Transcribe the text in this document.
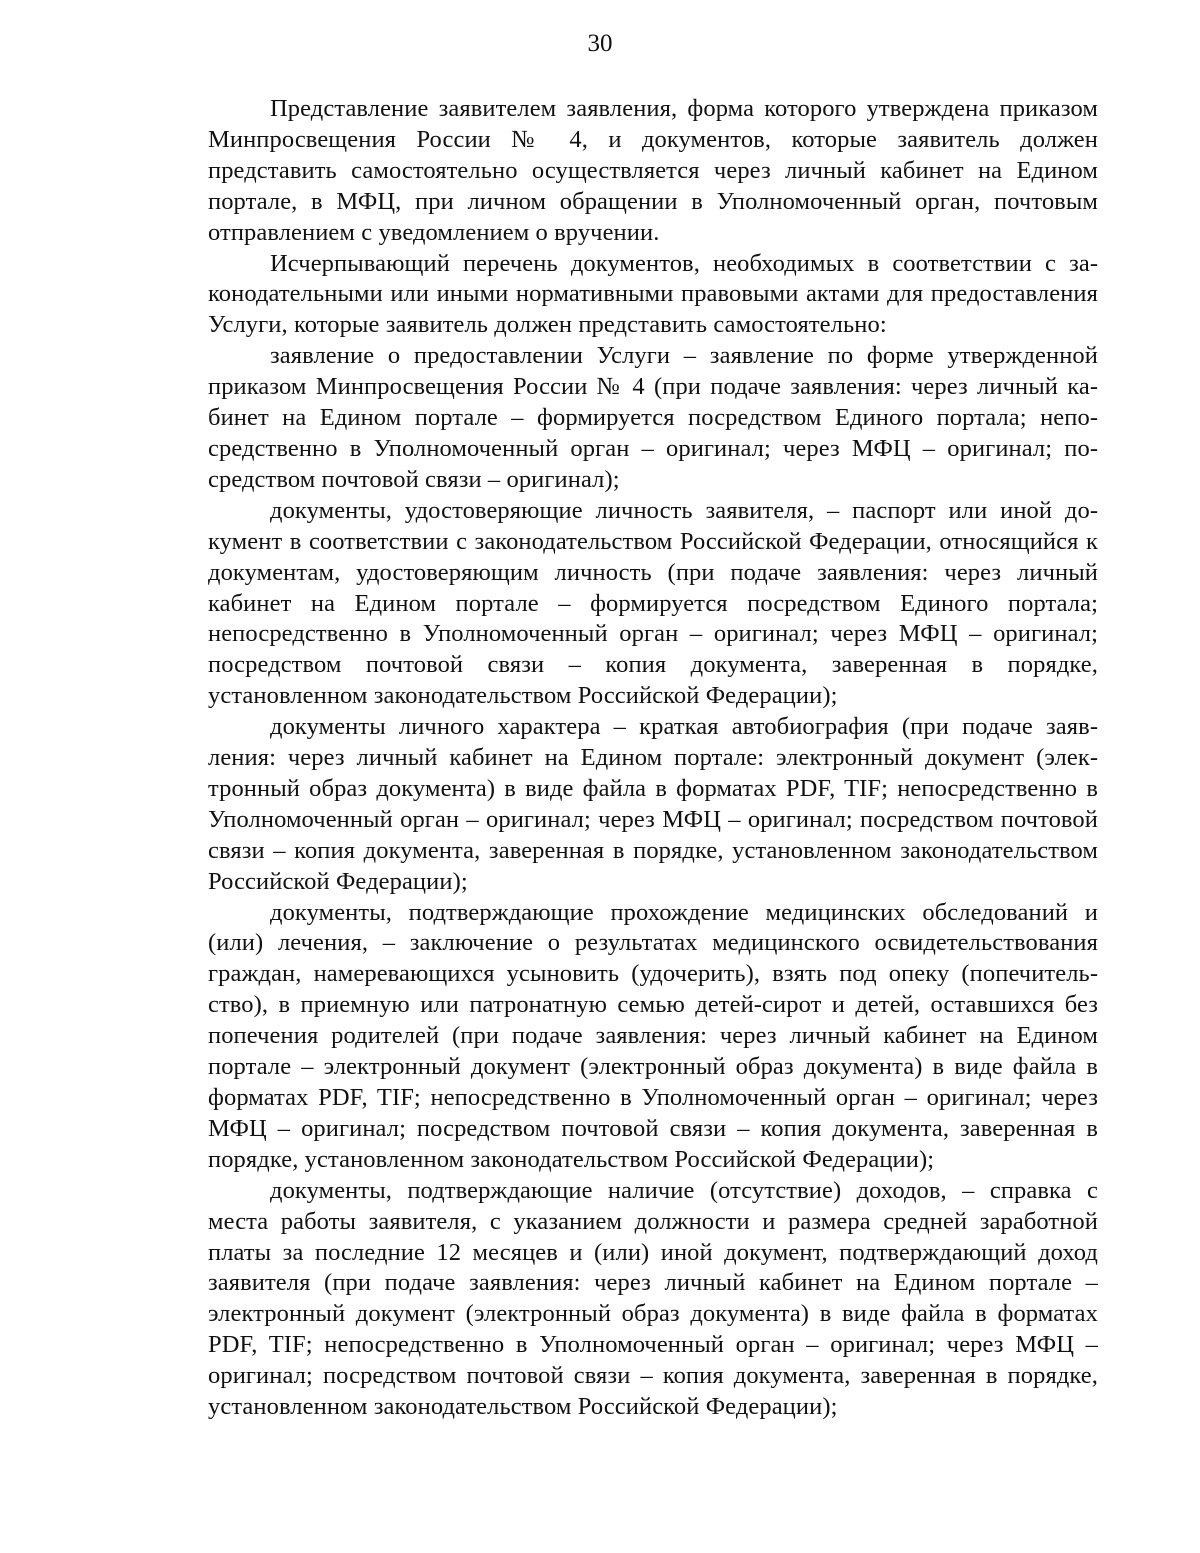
30

Представление заявителем заявления, форма которого утверждена приказом Минпросвещения России № 4, и документов, которые заявитель должен представить самостоятельно осуществляется через личный кабинет на Едином портале, в МФЦ, при личном обращении в Уполномоченный орган, почтовым отправлением с уведомлением о вручении.

Исчерпывающий перечень документов, необходимых в соответствии с законодательными или иными нормативными правовыми актами для предоставления Услуги, которые заявитель должен представить самостоятельно:

заявление о предоставлении Услуги – заявление по форме утвержденной приказом Минпросвещения России № 4 (при подаче заявления: через личный кабинет на Едином портале – формируется посредством Единого портала; непосредственно в Уполномоченный орган – оригинал; через МФЦ – оригинал; посредством почтовой связи – оригинал);

документы, удостоверяющие личность заявителя, – паспорт или иной документ в соответствии с законодательством Российской Федерации, относящийся к документам, удостоверяющим личность (при подаче заявления: через личный кабинет на Едином портале – формируется посредством Единого портала; непосредственно в Уполномоченный орган – оригинал; через МФЦ – оригинал; посредством почтовой связи – копия документа, заверенная в порядке, установленном законодательством Российской Федерации);

документы личного характера – краткая автобиография (при подаче заявления: через личный кабинет на Едином портале: электронный документ (электронный образ документа) в виде файла в форматах PDF, TIF; непосредственно в Уполномоченный орган – оригинал; через МФЦ – оригинал; посредством почтовой связи – копия документа, заверенная в порядке, установленном законодательством Российской Федерации);

документы, подтверждающие прохождение медицинских обследований и (или) лечения, – заключение о результатах медицинского освидетельствования граждан, намеревающихся усыновить (удочерить), взять под опеку (попечительство), в приемную или патронатную семью детей-сирот и детей, оставшихся без попечения родителей (при подаче заявления: через личный кабинет на Едином портале – электронный документ (электронный образ документа) в виде файла в форматах PDF, TIF; непосредственно в Уполномоченный орган – оригинал; через МФЦ – оригинал; посредством почтовой связи – копия документа, заверенная в порядке, установленном законодательством Российской Федерации);

документы, подтверждающие наличие (отсутствие) доходов, – справка с места работы заявителя, с указанием должности и размера средней заработной платы за последние 12 месяцев и (или) иной документ, подтверждающий доход заявителя (при подаче заявления: через личный кабинет на Едином портале – электронный документ (электронный образ документа) в виде файла в форматах PDF, TIF; непосредственно в Уполномоченный орган – оригинал; через МФЦ – оригинал; посредством почтовой связи – копия документа, заверенная в порядке, установленном законодательством Российской Федерации);
